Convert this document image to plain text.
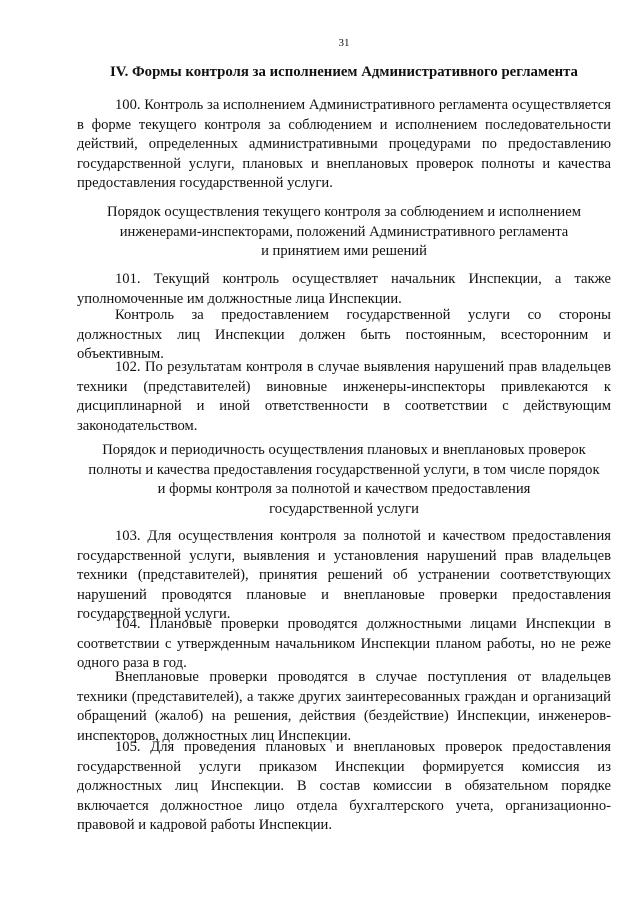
31
IV. Формы контроля за исполнением Административного регламента

100. Контроль за исполнением Административного регламента осуществляется в форме текущего контроля за соблюдением и исполнением последовательности действий, определенных административными процедурами по предоставлению государственной услуги, плановых и внеплановых проверок полноты и качества предоставления государственной услуги.

Порядок осуществления текущего контроля за соблюдением и исполнением
инженерами-инспекторами, положений Административного регламента
и принятием ими решений

101. Текущий контроль осуществляет начальник Инспекции, а также уполномоченные им должностные лица Инспекции.

Контроль за предоставлением государственной услуги со стороны должностных лиц Инспекции должен быть постоянным, всесторонним и объективным.

102. По результатам контроля в случае выявления нарушений прав владельцев техники (представителей) виновные инженеры-инспекторы привлекаются к дисциплинарной и иной ответственности в соответствии с действующим законодательством.

Порядок и периодичность осуществления плановых и внеплановых проверок
полноты и качества предоставления государственной услуги, в том числе порядок
и формы контроля за полнотой и качеством предоставления
государственной услуги

103. Для осуществления контроля за полнотой и качеством предоставления государственной услуги, выявления и установления нарушений прав владельцев техники (представителей), принятия решений об устранении соответствующих нарушений проводятся плановые и внеплановые проверки предоставления государственной услуги.

104. Плановые проверки проводятся должностными лицами Инспекции в соответствии с утвержденным начальником Инспекции планом работы, но не реже одного раза в год.

Внеплановые проверки проводятся в случае поступления от владельцев техники (представителей), а также других заинтересованных граждан и организаций обращений (жалоб) на решения, действия (бездействие) Инспекции, инженеров-инспекторов, должностных лиц Инспекции.

105. Для проведения плановых и внеплановых проверок предоставления государственной услуги приказом Инспекции формируется комиссия из должностных лиц Инспекции. В состав комиссии в обязательном порядке включается должностное лицо отдела бухгалтерского учета, организационно-правовой и кадровой работы Инспекции.
